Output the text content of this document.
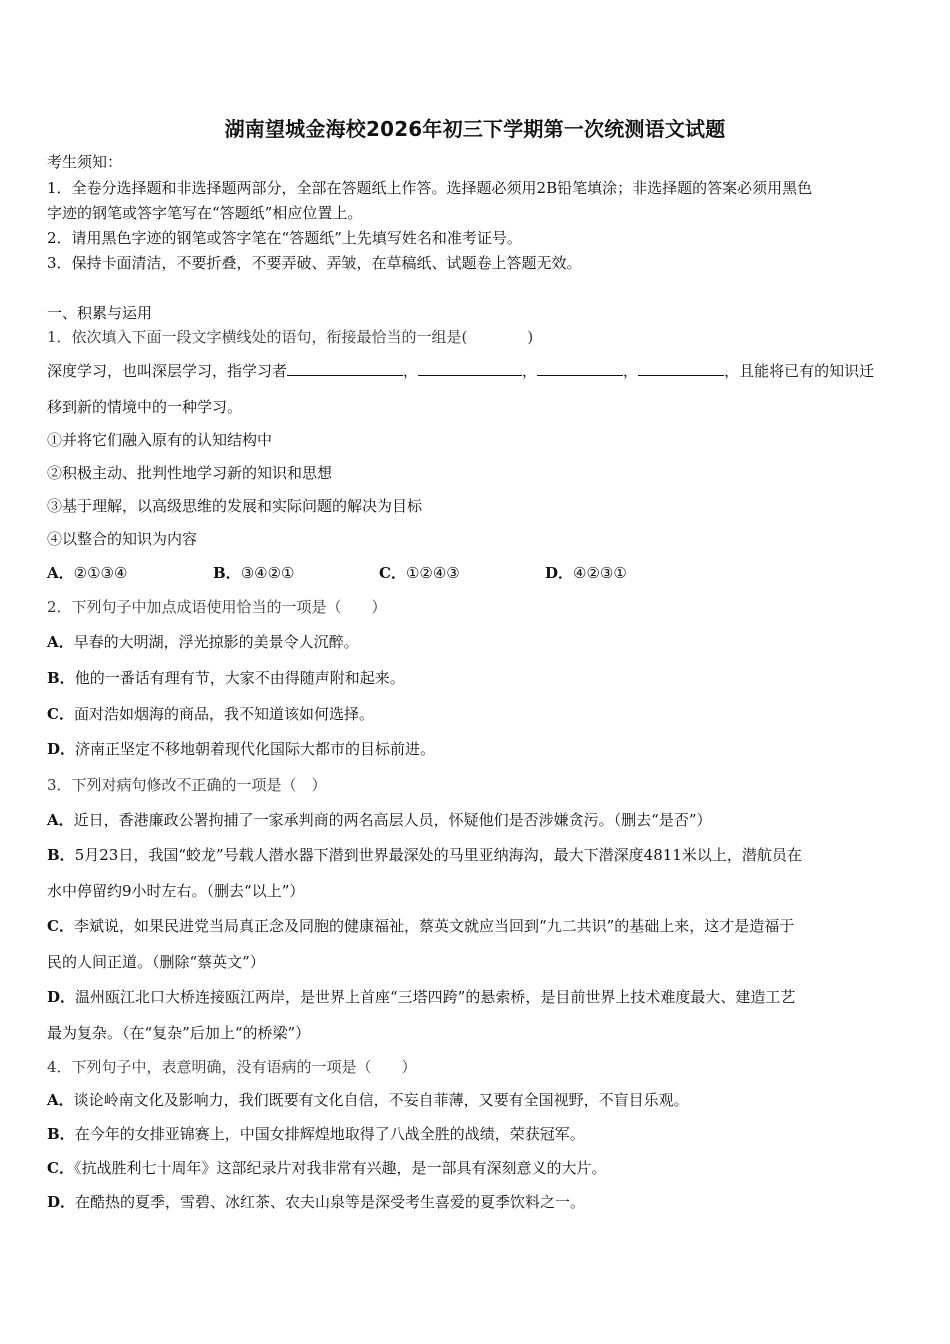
湖南望城金海校2026年初三下学期第一次统测语文试题
考生须知：
1．全卷分选择题和非选择题两部分，全部在答题纸上作答。选择题必须用2B铅笔填涂；非选择题的答案必须用黑色
字迹的钢笔或答字笔写在“答题纸”相应位置上。
2．请用黑色字迹的钢笔或答字笔在“答题纸”上先填写姓名和准考证号。
3．保持卡面清洁，不要折叠，不要弄破、弄皱，在草稿纸、试题卷上答题无效。
一、积累与运用
1．依次填入下面一段文字横线处的语句，衔接最恰当的一组是(　　　　)
深度学习，也叫深层学习，指学习者	，	，	，	，且能将已有的知识迁
移到新的情境中的一种学习。
①并将它们融入原有的认知结构中
②积极主动、批判性地学习新的知识和思想
③基于理解，以高级思维的发展和实际问题的解决为目标
④以整合的知识为内容
A．②①③④	B．③④②①	C．①②④③	D．④②③①
2．下列句子中加点成语使用恰当的一项是（　　）
A．早春的大明湖，浮光掠影的美景令人沉醉。
B．他的一番话有理有节，大家不由得随声附和起来。
C．面对浩如烟海的商品，我不知道该如何选择。
D．济南正坚定不移地朝着现代化国际大都市的目标前进。
3．下列对病句修改不正确的一项是（　）
A．近日，香港廉政公署拘捕了一家承判商的两名高层人员，怀疑他们是否涉嫌贪污。（删去“是否”）
B．5月23日，我国“蛟龙”号载人潜水器下潜到世界最深处的马里亚纳海沟，最大下潜深度4811米以上，潜航员在
水中停留约9小时左右。（删去“以上”）
C．李斌说，如果民进党当局真正念及同胞的健康福祉，蔡英文就应当回到“九二共识”的基础上来，这才是造福于
民的人间正道。（删除“蔡英文”）
D．温州瓯江北口大桥连接瓯江两岸，是世界上首座“三塔四跨”的悬索桥，是目前世界上技术难度最大、建造工艺
最为复杂。（在“复杂”后加上“的桥梁”）
4．下列句子中，表意明确，没有语病的一项是（　　）
A．谈论岭南文化及影响力，我们既要有文化自信，不妄自菲薄，又要有全国视野，不盲目乐观。
B．在今年的女排亚锦赛上，中国女排辉煌地取得了八战全胜的战绩，荣获冠军。
C．《抗战胜利七十周年》这部纪录片对我非常有兴趣，是一部具有深刻意义的大片。
D．在酷热的夏季，雪碧、冰红茶、农夫山泉等是深受考生喜爱的夏季饮料之一。
